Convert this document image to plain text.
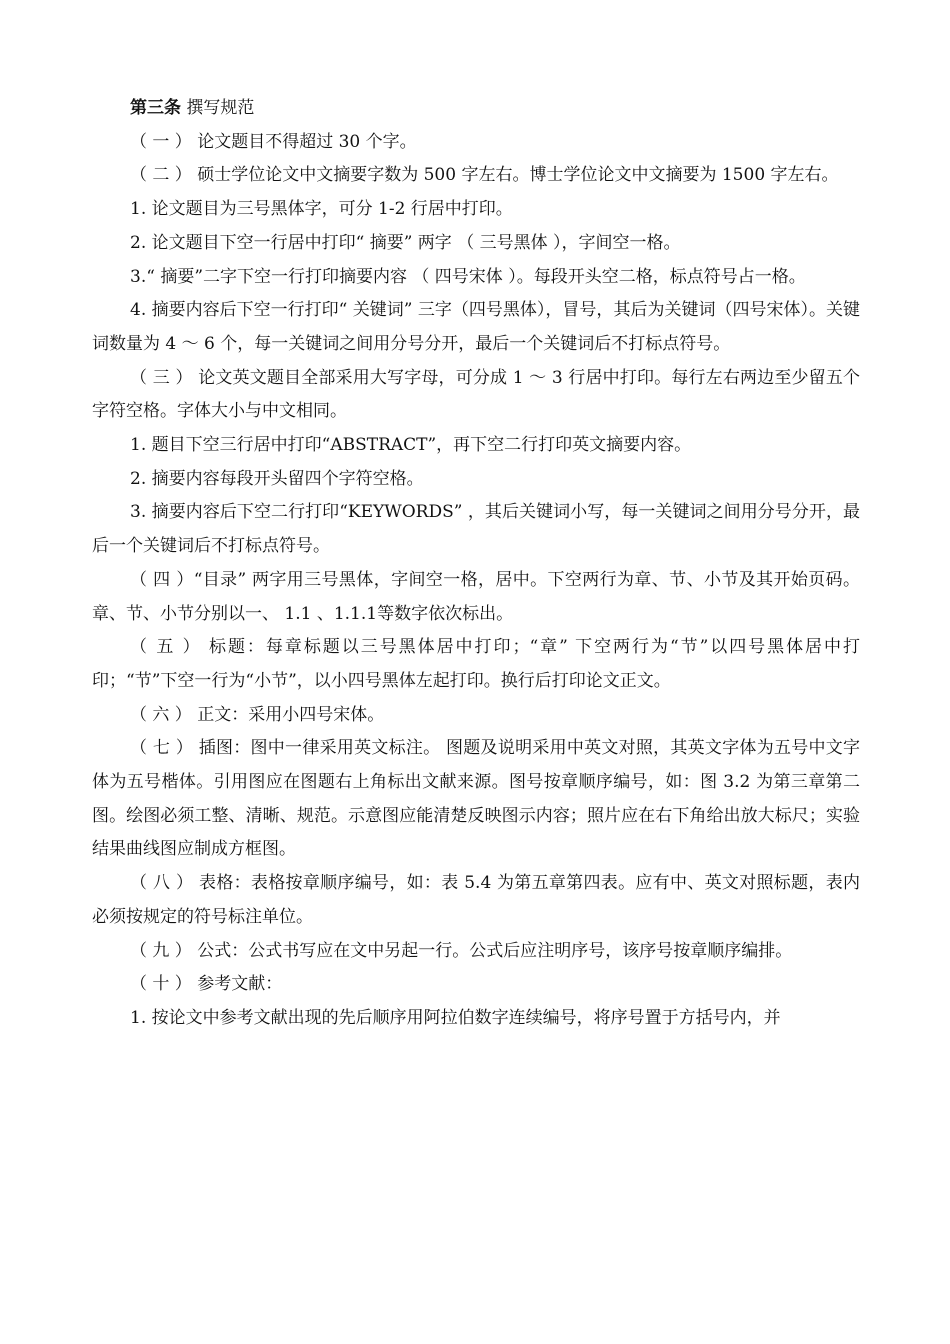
第三条 撰写规范

（ 一 ） 论文题目不得超过 30 个字。

（ 二 ） 硕士学位论文中文摘要字数为 500 字左右。博士学位论文中文摘要为 1500 字左右。

1. 论文题目为三号黑体字，可分 1-2 行居中打印。

2. 论文题目下空一行居中打印“ 摘要” 两字 （ 三号黑体 ），字间空一格。

3.“ 摘要”二字下空一行打印摘要内容 （ 四号宋体 ）。每段开头空二格，标点符号占一格。

4. 摘要内容后下空一行打印“ 关键词” 三字（四号黑体），冒号，其后为关键词（四号宋体）。关键词数量为 4 ～ 6 个，每一关键词之间用分号分开，最后一个关键词后不打标点符号。

（ 三 ） 论文英文题目全部采用大写字母，可分成 1 ～ 3 行居中打印。每行左右两边至少留五个字符空格。字体大小与中文相同。

1. 题目下空三行居中打印“ABSTRACT”，再下空二行打印英文摘要内容。

2. 摘要内容每段开头留四个字符空格。

3. 摘要内容后下空二行打印“KEYWORDS” ，其后关键词小写，每一关键词之间用分号分开，最后一个关键词后不打标点符号。

（ 四 ）“目录” 两字用三号黑体，字间空一格，居中。下空两行为章、节、小节及其开始页码。章、节、小节分别以一、 1.1 、1.1.1等数字依次标出。

（ 五 ） 标题：每章标题以三号黑体居中打印；“章” 下空两行为“节”以四号黑体居中打印；“节”下空一行为“小节”，以小四号黑体左起打印。换行后打印论文正文。

（ 六 ） 正文：采用小四号宋体。

（ 七 ） 插图：图中一律采用英文标注。 图题及说明采用中英文对照，其英文字体为五号中文字体为五号楷体。引用图应在图题右上角标出文献来源。图号按章顺序编号，如：图 3.2 为第三章第二图。绘图必须工整、清晰、规范。示意图应能清楚反映图示内容；照片应在右下角给出放大标尺；实验结果曲线图应制成方框图。

（ 八 ） 表格：表格按章顺序编号，如：表 5.4 为第五章第四表。应有中、英文对照标题，表内必须按规定的符号标注单位。

（ 九 ） 公式：公式书写应在文中另起一行。公式后应注明序号，该序号按章顺序编排。

（ 十 ） 参考文献：

1. 按论文中参考文献出现的先后顺序用阿拉伯数字连续编号，将序号置于方括号内，并
